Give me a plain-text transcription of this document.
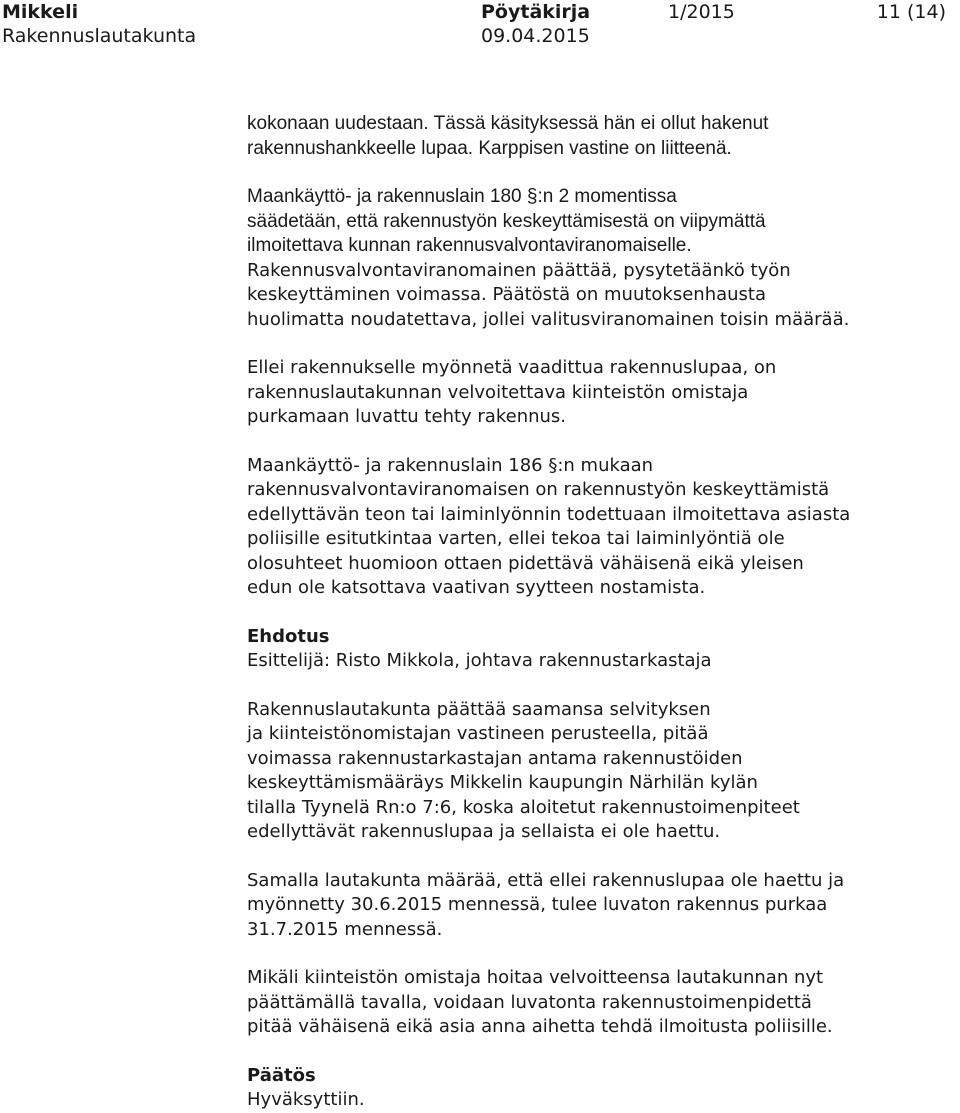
Mikkeli
Rakennuslautakunta
Pöytäkirja
09.04.2015
1/2015	11 (14)

kokonaan uudestaan. Tässä käsityksessä hän ei ollut hakenut
rakennushankkeelle lupaa. Karppisen vastine on liitteenä.

Maankäyttö- ja rakennuslain 180 §:n 2 momentissa
säädetään, että rakennustyön keskeyttämisestä on viipymättä
ilmoitettava kunnan rakennusvalvontaviranomaiselle.

Rakennusvalvontaviranomainen päättää, pysytetäänkö työn
keskeyttäminen voimassa. Päätöstä on muutoksenhausta
huolimatta noudatettava, jollei valitusviranomainen toisin määrää.

Ellei rakennukselle myönnetä vaadittua rakennuslupaa, on
rakennuslautakunnan velvoitettava kiinteistön omistaja
purkamaan luvattu tehty rakennus.

Maankäyttö- ja rakennuslain 186 §:n mukaan
rakennusvalvontaviranomaisen on rakennustyön keskeyttämistä
edellyttävän teon tai laiminlyönnin todettuaan ilmoitettava asiasta
poliisille esitutkintaa varten, ellei tekoa tai laiminlyöntiä ole
olosuhteet huomioon ottaen pidettävä vähäisenä eikä yleisen
edun ole katsottava vaativan syytteen nostamista.

Ehdotus

Esittelijä: Risto Mikkola, johtava rakennustarkastaja

Rakennuslautakunta päättää saamansa selvityksen
ja kiinteistönomistajan vastineen perusteella, pitää
voimassa rakennustarkastajan antama rakennustöiden
keskeyttämismääräys Mikkelin kaupungin Närhilän kylän
tilalla Tyynelä Rn:o 7:6, koska aloitetut rakennustoimenpiteet
edellyttävät rakennuslupaa ja sellaista ei ole haettu.

Samalla lautakunta määrää, että ellei rakennuslupaa ole haettu ja
myönnetty 30.6.2015 mennessä, tulee luvaton rakennus purkaa
31.7.2015 mennessä.

Mikäli kiinteistön omistaja hoitaa velvoitteensa lautakunnan nyt
päättämällä tavalla, voidaan luvatonta rakennustoimenpidettä
pitää vähäisenä eikä asia anna aihetta tehdä ilmoitusta poliisille.

Päätös

Hyväksyttiin.
